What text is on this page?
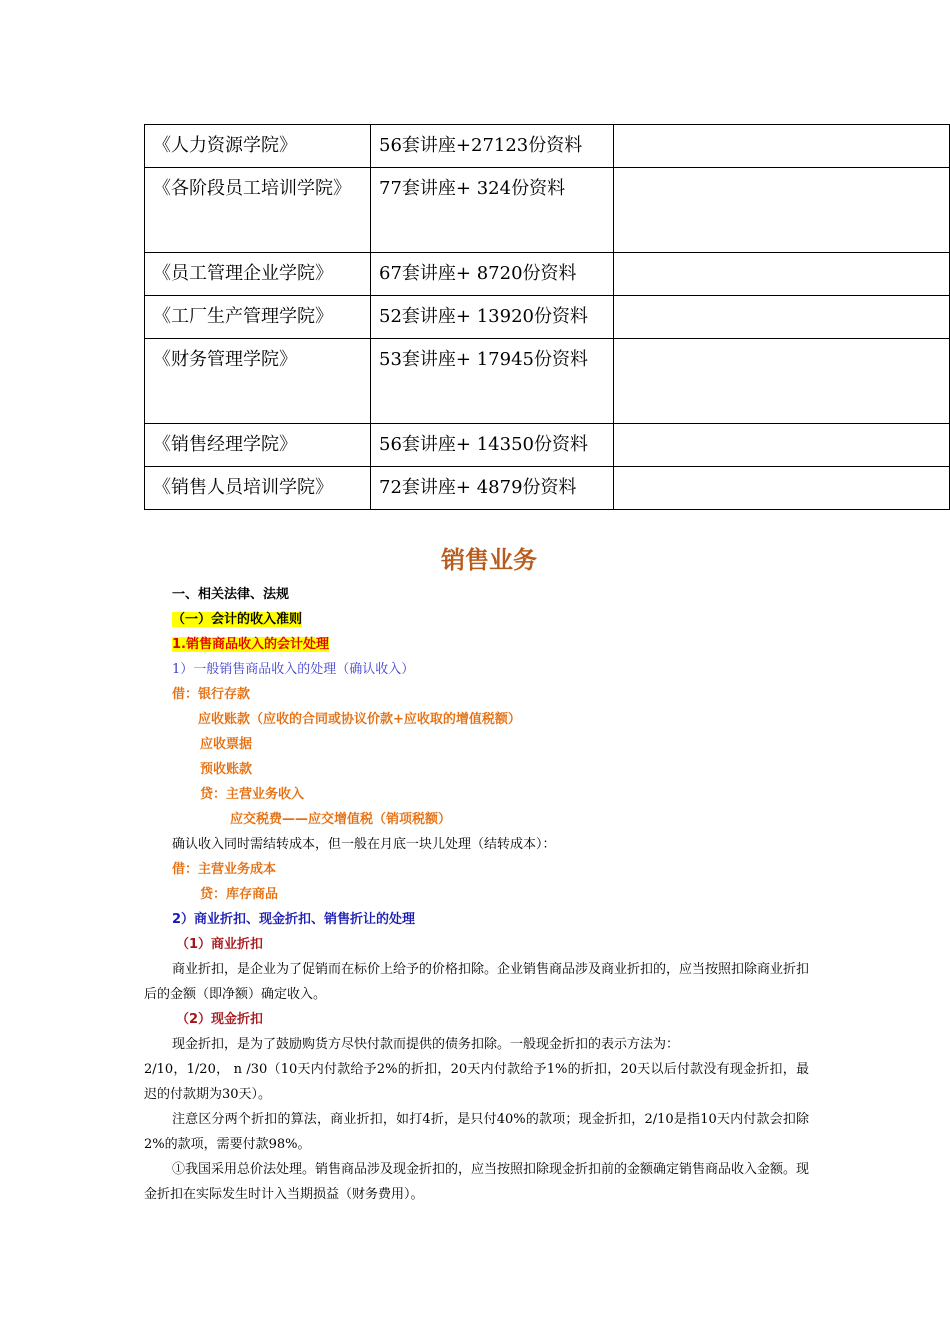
《人力资源学院》	56套讲座+27123份资料	
《各阶段员工培训学院》	77套讲座+ 324份资料	
《员工管理企业学院》	67套讲座+ 8720份资料	
《工厂生产管理学院》	52套讲座+ 13920份资料	
《财务管理学院》	53套讲座+ 17945份资料	
《销售经理学院》	56套讲座+ 14350份资料	
《销售人员培训学院》	72套讲座+ 4879份资料	
销售业务
一、相关法律、法规
（一）会计的收入准则
1.销售商品收入的会计处理
1）一般销售商品收入的处理（确认收入）
借：银行存款
应收账款（应收的合同或协议价款+应收取的增值税额）
应收票据
预收账款
贷：主营业务收入
应交税费——应交增值税（销项税额）
确认收入同时需结转成本，但一般在月底一块儿处理（结转成本）：
借：主营业务成本
贷：库存商品
2）商业折扣、现金折扣、销售折让的处理
（1）商业折扣
商业折扣，是企业为了促销而在标价上给予的价格扣除。企业销售商品涉及商业折扣的，应当按照扣除商业折扣后的金额（即净额）确定收入。
（2）现金折扣
现金折扣，是为了鼓励购货方尽快付款而提供的债务扣除。一般现金折扣的表示方法为：
2/10，1/20， n /30（10天内付款给予2%的折扣，20天内付款给予1%的折扣，20天以后付款没有现金折扣，最迟的付款期为30天）。
注意区分两个折扣的算法，商业折扣，如打4折，是只付40%的款项；现金折扣，2/10是指10天内付款会扣除2%的款项，需要付款98%。
①我国采用总价法处理。销售商品涉及现金折扣的，应当按照扣除现金折扣前的金额确定销售商品收入金额。现金折扣在实际发生时计入当期损益（财务费用）。
